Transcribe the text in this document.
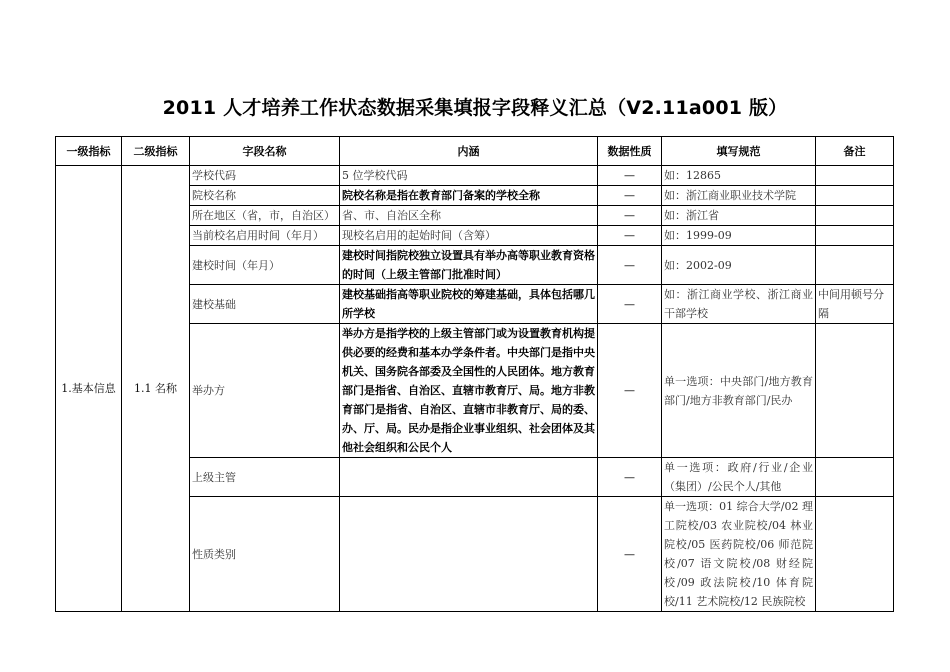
2011 人才培养工作状态数据采集填报字段释义汇总（V2.11a001 版）
一级指标	二级指标	字段名称	内涵	数据性质	填写规范	备注
1.基本信息	1.1 名称	学校代码	5 位学校代码	—	如：12865	
		院校名称	院校名称是指在教育部门备案的学校全称	—	如：浙江商业职业技术学院	
		所在地区（省，市，自治区）	省、市、自治区全称	—	如：浙江省	
		当前校名启用时间（年月）	现校名启用的起始时间（含筹）	—	如：1999-09	
		建校时间（年月）	建校时间指院校独立设置具有举办高等职业教育资格的时间（上级主管部门批准时间）	—	如：2002-09	
		建校基础	建校基础指高等职业院校的筹建基础，具体包括哪几所学校	—	如：浙江商业学校、浙江商业干部学校	中间用顿号分隔
		举办方	举办方是指学校的上级主管部门或为设置教育机构提供必要的经费和基本办学条件者。中央部门是指中央机关、国务院各部委及全国性的人民团体。地方教育部门是指省、自治区、直辖市教育厅、局。地方非教育部门是指省、自治区、直辖市非教育厅、局的委、办、厅、局。民办是指企业事业组织、社会团体及其他社会组织和公民个人	—	单一选项：中央部门/地方教育部门/地方非教育部门/民办	
		上级主管		—	单一选项：政府/行业/企业（集团）/公民个人/其他	
		性质类别		—	单一选项：01 综合大学/02 理工院校/03 农业院校/04 林业院校/05 医药院校/06 师范院校/07 语文院校/08 财经院校/09 政法院校/10 体育院校/11 艺术院校/12 民族院校	
